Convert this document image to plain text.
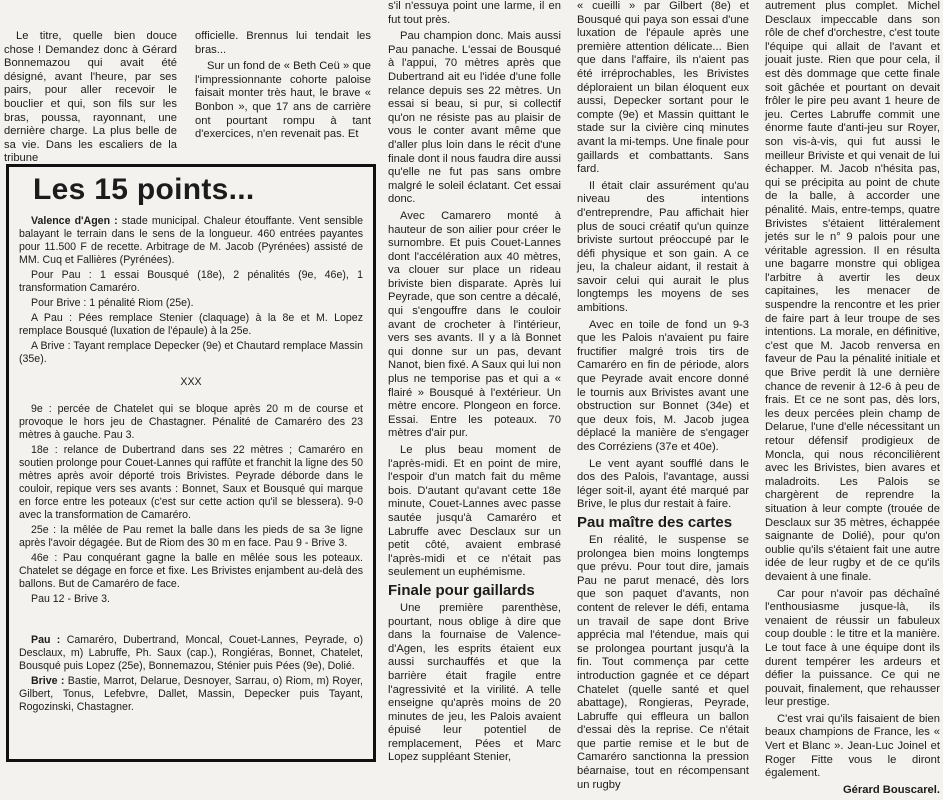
Le titre, quelle bien douce chose ! Demandez donc à Gérard Bonnemazou qui avait été désigné, avant l'heure, par ses pairs, pour aller recevoir le bouclier et qui, son fils sur les bras, poussa, rayonnant, une dernière charge. La plus belle de sa vie. Dans les escaliers de la tribune

officielle. Brennus lui tendait les bras...

Sur un fond de « Beth Ceü » que l'impressionnante cohorte paloise faisait monter très haut, le brave « Bonbon », que 17 ans de carrière ont pourtant rompu à tant d'exercices, n'en revenait pas. Et

Les 15 points...

Valence d'Agen : stade municipal. Chaleur étouffante. Vent sensible balayant le terrain dans le sens de la longueur. 460 entrées payantes pour 11.500 F de recette. Arbitrage de M. Jacob (Pyrénées) assisté de MM. Cuq et Fallières (Pyrénées).

Pour Pau : 1 essai Bousqué (18e), 2 pénalités (9e, 46e), 1 transformation Camaréro.

Pour Brive : 1 pénalité Riom (25e).

A Pau : Pées remplace Stenier (claquage) à la 8e et M. Lopez remplace Bousqué (luxation de l'épaule) à la 25e.

A Brive : Tayant remplace Depecker (9e) et Chautard remplace Massin (35e).

XXX

9e : percée de Chatelet qui se bloque après 20 m de course et provoque le hors jeu de Chastagner. Pénalité de Camaréro des 23 mètres à gauche. Pau 3.

18e : relance de Dubertrand dans ses 22 mètres ; Camaréro en soutien prolonge pour Couet-Lannes qui raffûte et franchit la ligne des 50 mètres après avoir déporté trois Brivistes. Peyrade déborde dans le couloir, repique vers ses avants : Bonnet, Saux et Bousqué qui marque en force entre les poteaux (c'est sur cette action qu'il se blessera). 9-0 avec la transformation de Camaréro.

25e : la mêlée de Pau remet la balle dans les pieds de sa 3e ligne après l'avoir dégagée. But de Riom des 30 m en face. Pau 9 - Brive 3.

46e : Pau conquérant gagne la balle en mêlée sous les poteaux. Chatelet se dégage en force et fixe. Les Brivistes enjambent au-delà des ballons. But de Camaréro de face.

Pau 12 - Brive 3.

Pau : Camaréro, Dubertrand, Moncal, Couet-Lannes, Peyrade, o) Desclaux, m) Labruffe, Ph. Saux (cap.), Rongiéras, Bonnet, Chatelet, Bousqué puis Lopez (25e), Bonnemazou, Sténier puis Pées (9e), Dolié.

Brive : Bastie, Marrot, Delarue, Desnoyer, Sarrau, o) Riom, m) Royer, Gilbert, Tonus, Lefebvre, Dallet, Massin, Depecker puis Tayant, Rogozinski, Chastagner.

s'il n'essuya point une larme, il en fut tout près.

Pau champion donc. Mais aussi Pau panache. L'essai de Bousqué à l'appui, 70 mètres après que Dubertrand ait eu l'idée d'une folle relance depuis ses 22 mètres. Un essai si beau, si pur, si collectif qu'on ne résiste pas au plaisir de vous le conter avant même que d'aller plus loin dans le récit d'une finale dont il nous faudra dire aussi qu'elle ne fut pas sans ombre malgré le soleil éclatant. Cet essai donc.

Avec Camarero monté à hauteur de son ailier pour créer le surnombre. Et puis Couet-Lannes dont l'accélération aux 40 mètres, va clouer sur place un rideau briviste bien disparate. Après lui Peyrade, que son centre a décalé, qui s'engouffre dans le couloir avant de crocheter à l'intérieur, vers ses avants. Il y a là Bonnet qui donne sur un pas, devant Nanot, bien fixé. A Saux qui lui non plus ne temporise pas et qui a « flairé » Bousqué à l'extérieur. Un mètre encore. Plongeon en force. Essai. Entre les poteaux. 70 mètres d'air pur.

Le plus beau moment de l'après-midi. Et en point de mire, l'espoir d'un match fait du même bois. D'autant qu'avant cette 18e minute, Couet-Lannes avec passe sautée jusqu'à Camaréro et Labruffe avec Desclaux sur un petit côté, avaient embrasé l'après-midi et ce n'était pas seulement un euphémisme.

Finale pour gaillards

Une première parenthèse, pourtant, nous oblige à dire que dans la fournaise de Valence-d'Agen, les esprits étaient eux aussi surchauffés et que la barrière était fragile entre l'agressivité et la virilité. A telle enseigne qu'après moins de 20 minutes de jeu, les Palois avaient épuisé leur potentiel de remplacement, Pées et Marc Lopez suppléant Stenier,

« cueilli » par Gilbert (8e) et Bousqué qui paya son essai d'une luxation de l'épaule après une première attention délicate... Bien que dans l'affaire, ils n'aient pas été irréprochables, les Brivistes déploraient un bilan éloquent eux aussi, Depecker sortant pour le compte (9e) et Massin quittant le stade sur la civière cinq minutes avant la mi-temps. Une finale pour gaillards et combattants. Sans fard.

Il était clair assurément qu'au niveau des intentions d'entreprendre, Pau affichait hier plus de souci créatif qu'un quinze briviste surtout préoccupé par le défi physique et son gain. A ce jeu, la chaleur aidant, il restait à savoir celui qui aurait le plus longtemps les moyens de ses ambitions.

Avec en toile de fond un 9-3 que les Palois n'avaient pu faire fructifier malgré trois tirs de Camaréro en fin de période, alors que Peyrade avait encore donné le tournis aux Brivistes avant une obstruction sur Bonnet (34e) et que deux fois, M. Jacob jugea déplacé la manière de s'engager des Corréziens (37e et 40e).

Le vent ayant soufflé dans le dos des Palois, l'avantage, aussi léger soit-il, ayant été marqué par Brive, le plus dur restait à faire.

Pau maître des cartes

En réalité, le suspense se prolongea bien moins longtemps que prévu. Pour tout dire, jamais Pau ne parut menacé, dès lors que son paquet d'avants, non content de relever le défi, entama un travail de sape dont Brive apprécia mal l'étendue, mais qui se prolongea pourtant jusqu'à la fin. Tout commença par cette introduction gagnée et ce départ Chatelet (quelle santé et quel abattage), Rongieras, Peyrade, Labruffe qui effleura un ballon d'essai dès la reprise. Ce n'était que partie remise et le but de Camaréro sanctionna la pression béarnaise, tout en récompensant un rugby

autrement plus complet. Michel Desclaux impeccable dans son rôle de chef d'orchestre, c'est toute l'équipe qui allait de l'avant et jouait juste. Rien que pour cela, il est dès dommage que cette finale soit gâchée et pourtant on devait frôler le pire peu avant 1 heure de jeu. Certes Labruffe commit une énorme faute d'anti-jeu sur Royer, son vis-à-vis, qui fut aussi le meilleur Briviste et qui venait de lui échapper. M. Jacob n'hésita pas, qui se précipita au point de chute de la balle, à accorder une pénalité. Mais, entre-temps, quatre Brivistes s'étaient littéralement jetés sur le n° 9 palois pour une véritable agression. Il en résulta une bagarre monstre qui obligea l'arbitre à avertir les deux capitaines, les menacer de suspendre la rencontre et les prier de faire part à leur troupe de ses intentions. La morale, en définitive, c'est que M. Jacob renversa en faveur de Pau la pénalité initiale et que Brive perdit là une dernière chance de revenir à 12-6 à peu de frais. Et ce ne sont pas, dès lors, les deux percées plein champ de Delarue, l'une d'elle nécessitant un retour défensif prodigieux de Moncla, qui nous réconcilièrent avec les Brivistes, bien avares et maladroits. Les Palois se chargèrent de reprendre la situation à leur compte (trouée de Desclaux sur 35 mètres, échappée saignante de Dolié), pour qu'on oublie qu'ils s'étaient fait une autre idée de leur rugby et de ce qu'ils devaient à une finale.

Car pour n'avoir pas déchaîné l'enthousiasme jusque-là, ils venaient de réussir un fabuleux coup double : le titre et la manière. Le tout face à une équipe dont ils durent tempérer les ardeurs et défier la puissance. Ce qui ne pouvait, finalement, que rehausser leur prestige.

C'est vrai qu'ils faisaient de bien beaux champions de France, les « Vert et Blanc ». Jean-Luc Joinel et Roger Fitte vous le diront également.

Gérard Bouscarel.
